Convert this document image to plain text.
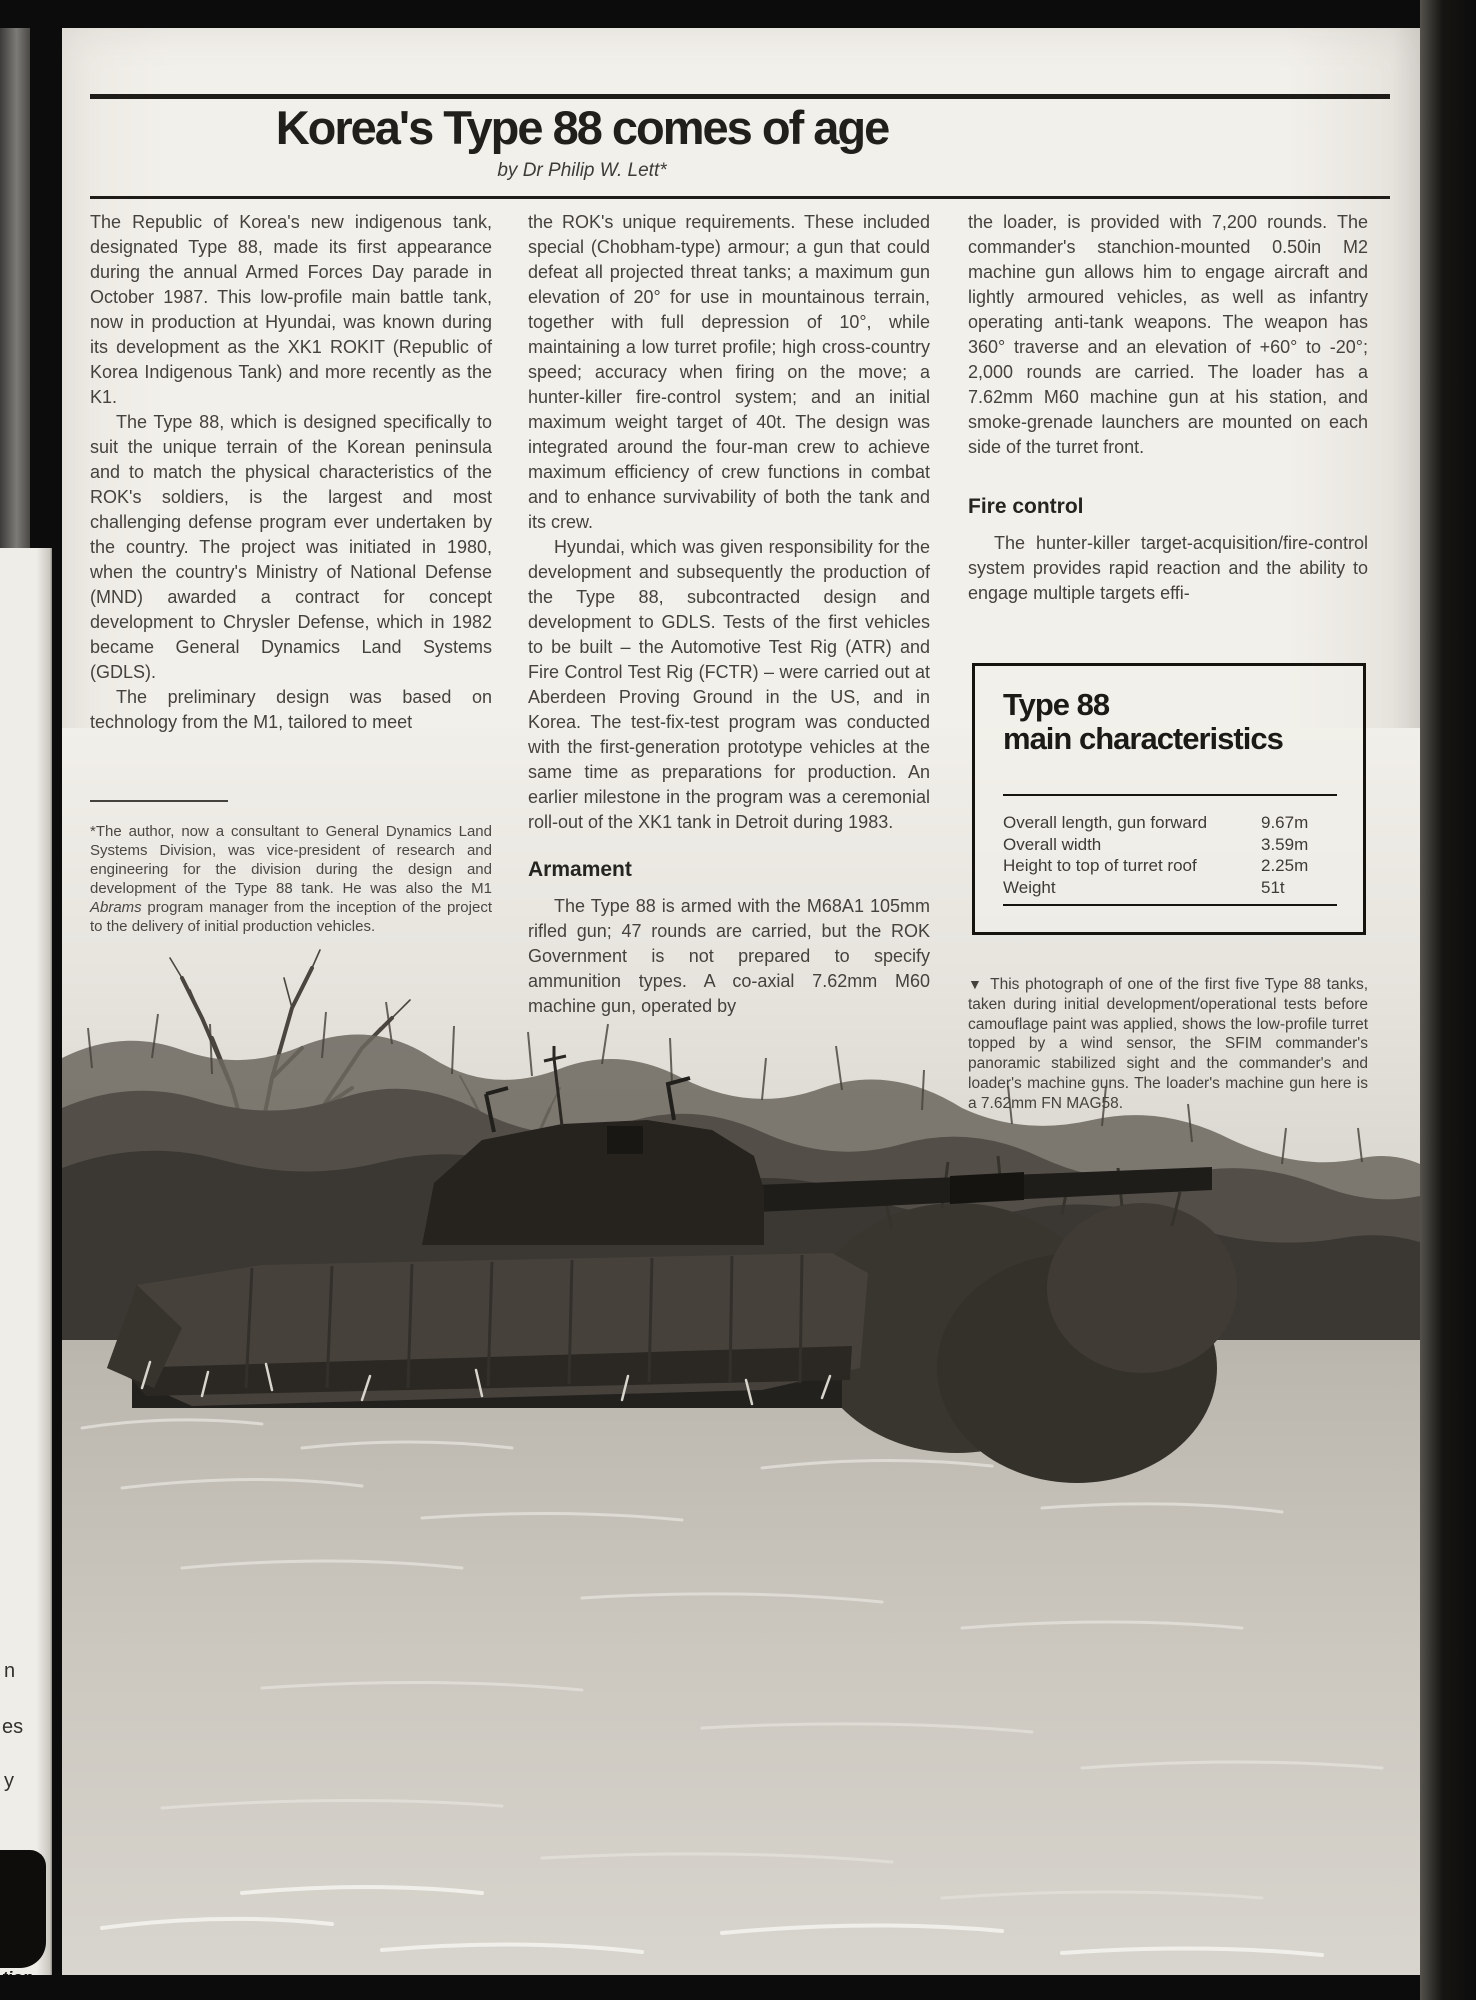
n
es
y
Korea's Type 88 comes of age
by Dr Philip W. Lett*

The Republic of Korea's new indigenous tank, designated Type 88, made its first appearance during the annual Armed Forces Day parade in October 1987. This low-profile main battle tank, now in production at Hyundai, was known during its development as the XK1 ROKIT (Republic of Korea Indigenous Tank) and more recently as the K1.

The Type 88, which is designed specifically to suit the unique terrain of the Korean peninsula and to match the physical characteristics of the ROK's soldiers, is the largest and most challenging defense program ever undertaken by the country. The project was initiated in 1980, when the country's Ministry of National Defense (MND) awarded a contract for concept development to Chrysler Defense, which in 1982 became General Dynamics Land Systems (GDLS).

The preliminary design was based on technology from the M1, tailored to meet

*The author, now a consultant to General Dynamics Land Systems Division, was vice-president of research and engineering for the division during the design and development of the Type 88 tank. He was also the M1 Abrams program manager from the inception of the project to the delivery of initial production vehicles.

the ROK's unique requirements. These included special (Chobham-type) armour; a gun that could defeat all projected threat tanks; a maximum gun elevation of 20° for use in mountainous terrain, together with full depression of 10°, while maintaining a low turret profile; high cross-country speed; accuracy when firing on the move; a hunter-killer fire-control system; and an initial maximum weight target of 40t. The design was integrated around the four-man crew to achieve maximum efficiency of crew functions in combat and to enhance survivability of both the tank and its crew.

Hyundai, which was given responsibility for the development and subsequently the production of the Type 88, subcontracted design and development to GDLS. Tests of the first vehicles to be built – the Automotive Test Rig (ATR) and Fire Control Test Rig (FCTR) – were carried out at Aberdeen Proving Ground in the US, and in Korea. The test-fix-test program was conducted with the first-generation prototype vehicles at the same time as preparations for production. An earlier milestone in the program was a ceremonial roll-out of the XK1 tank in Detroit during 1983.

Armament

The Type 88 is armed with the M68A1 105mm rifled gun; 47 rounds are carried, but the ROK Government is not prepared to specify ammunition types. A co-axial 7.62mm M60 machine gun, operated by

the loader, is provided with 7,200 rounds. The commander's stanchion-mounted 0.50in M2 machine gun allows him to engage aircraft and lightly armoured vehicles, as well as infantry operating anti-tank weapons. The weapon has 360° traverse and an elevation of +60° to -20°; 2,000 rounds are carried. The loader has a 7.62mm M60 machine gun at his station, and smoke-grenade launchers are mounted on each side of the turret front.

Fire control

The hunter-killer target-acquisition/fire-control system provides rapid reaction and the ability to engage multiple targets effi-

Type 88
main characteristics
Overall length, gun forward	9.67m
Overall width	3.59m
Height to top of turret roof	2.25m
Weight	51t
▼ This photograph of one of the first five Type 88 tanks, taken during initial development/operational tests before camouflage paint was applied, shows the low-profile turret topped by a wind sensor, the SFIM commander's panoramic stabilized sight and the commander's and loader's machine guns. The loader's machine gun here is a 7.62mm FN MAG58.
